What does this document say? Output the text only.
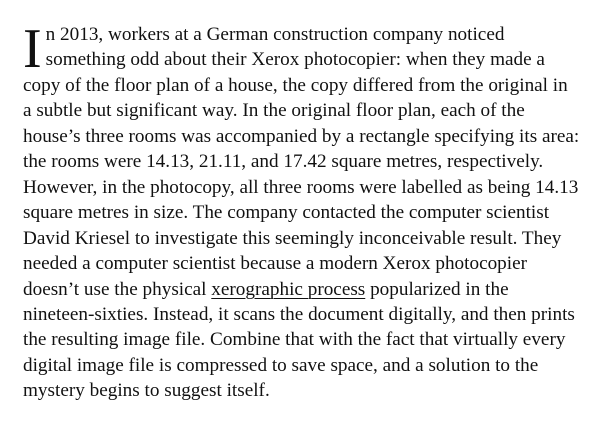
In 2013, workers at a German construction company noticed something odd about their Xerox photocopier: when they made a copy of the floor plan of a house, the copy differed from the original in a subtle but significant way. In the original floor plan, each of the house’s three rooms was accompanied by a rectangle specifying its area: the rooms were 14.13, 21.11, and 17.42 square metres, respectively. However, in the photocopy, all three rooms were labelled as being 14.13 square metres in size. The company contacted the computer scientist David Kriesel to investigate this seemingly inconceivable result. They needed a computer scientist because a modern Xerox photocopier doesn’t use the physical xerographic process popularized in the nineteen-sixties. Instead, it scans the document digitally, and then prints the resulting image file. Combine that with the fact that virtually every digital image file is compressed to save space, and a solution to the mystery begins to suggest itself.
